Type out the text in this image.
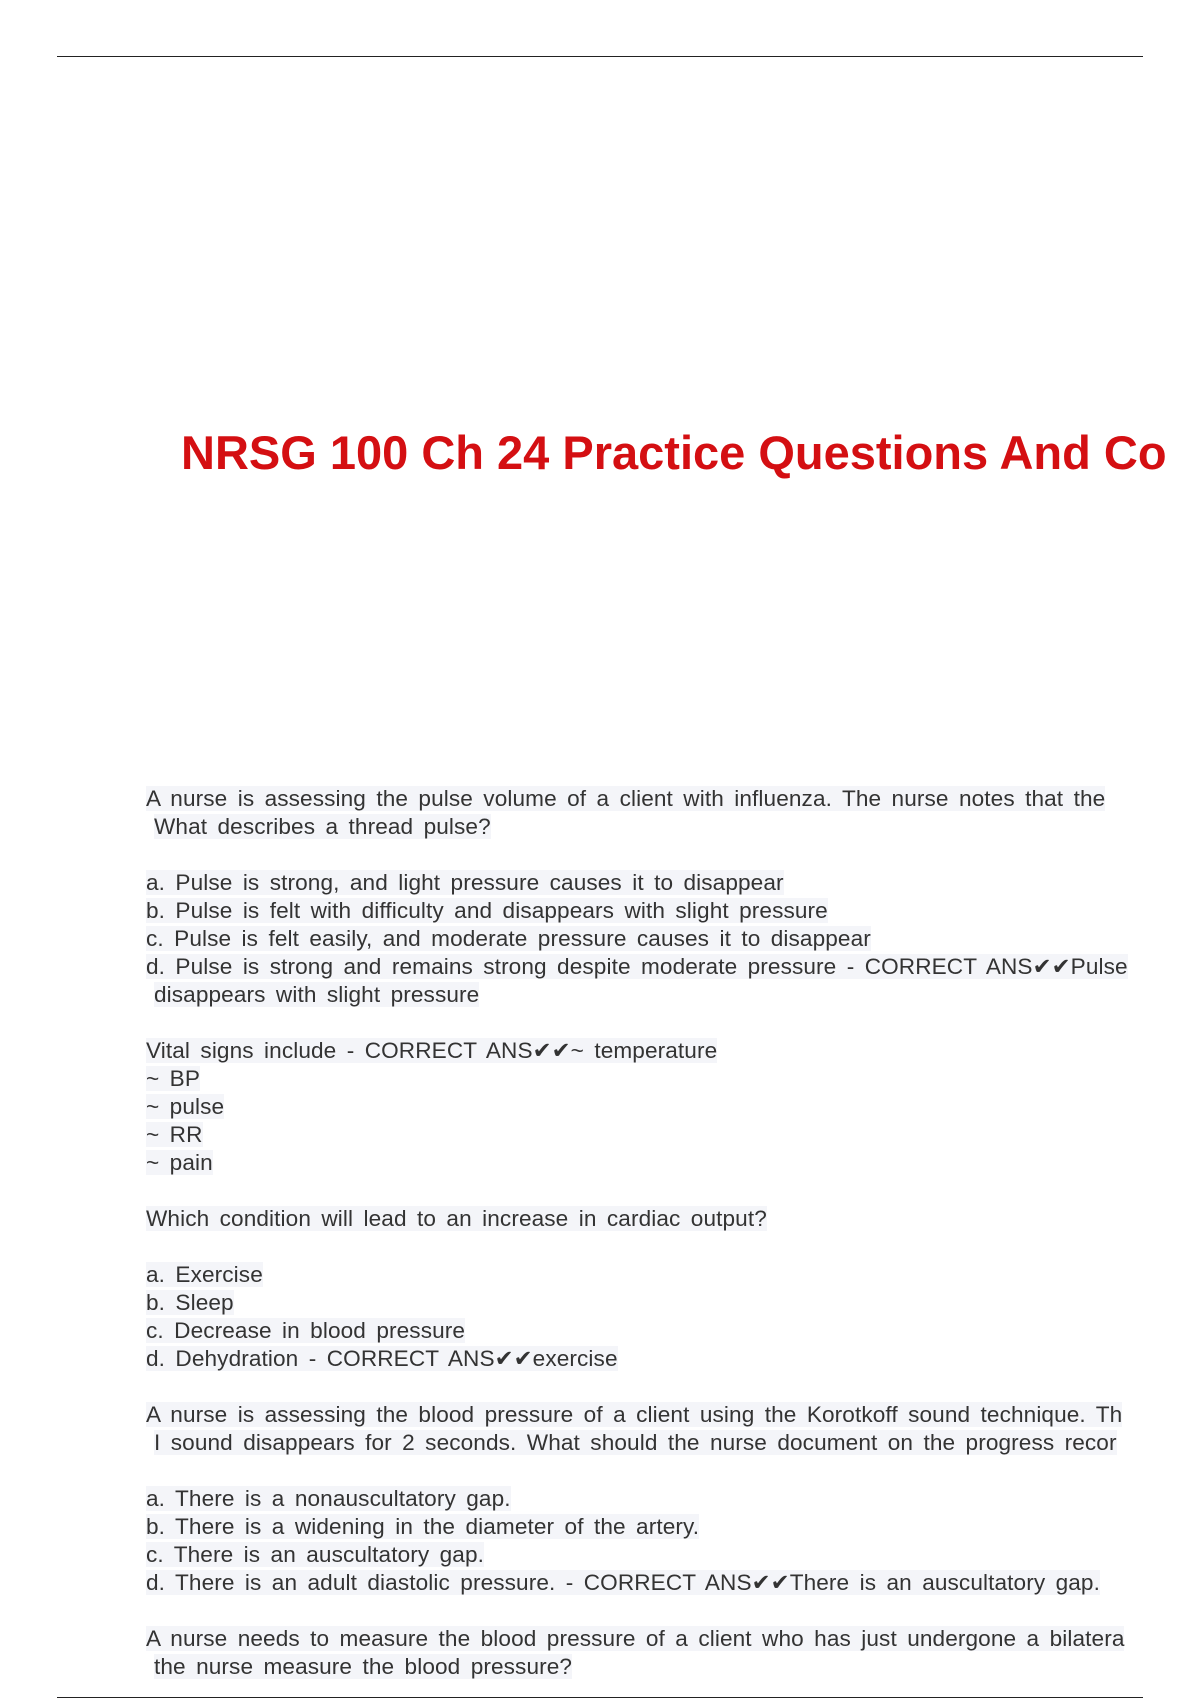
NRSG 100 Ch 24 Practice Questions And Co
A nurse is assessing the pulse volume of a client with influenza. The nurse notes that the
What describes a thread pulse?
a. Pulse is strong, and light pressure causes it to disappear
b. Pulse is felt with difficulty and disappears with slight pressure
c. Pulse is felt easily, and moderate pressure causes it to disappear
d. Pulse is strong and remains strong despite moderate pressure - CORRECT ANS✔✔Pulse
disappears with slight pressure
Vital signs include - CORRECT ANS✔✔~ temperature
~ BP
~ pulse
~ RR
~ pain
Which condition will lead to an increase in cardiac output?
a. Exercise
b. Sleep
c. Decrease in blood pressure
d. Dehydration - CORRECT ANS✔✔exercise
A nurse is assessing the blood pressure of a client using the Korotkoff sound technique. Th
I sound disappears for 2 seconds. What should the nurse document on the progress recor
a. There is a nonauscultatory gap.
b. There is a widening in the diameter of the artery.
c. There is an auscultatory gap.
d. There is an adult diastolic pressure. - CORRECT ANS✔✔There is an auscultatory gap.
A nurse needs to measure the blood pressure of a client who has just undergone a bilatera
the nurse measure the blood pressure?
